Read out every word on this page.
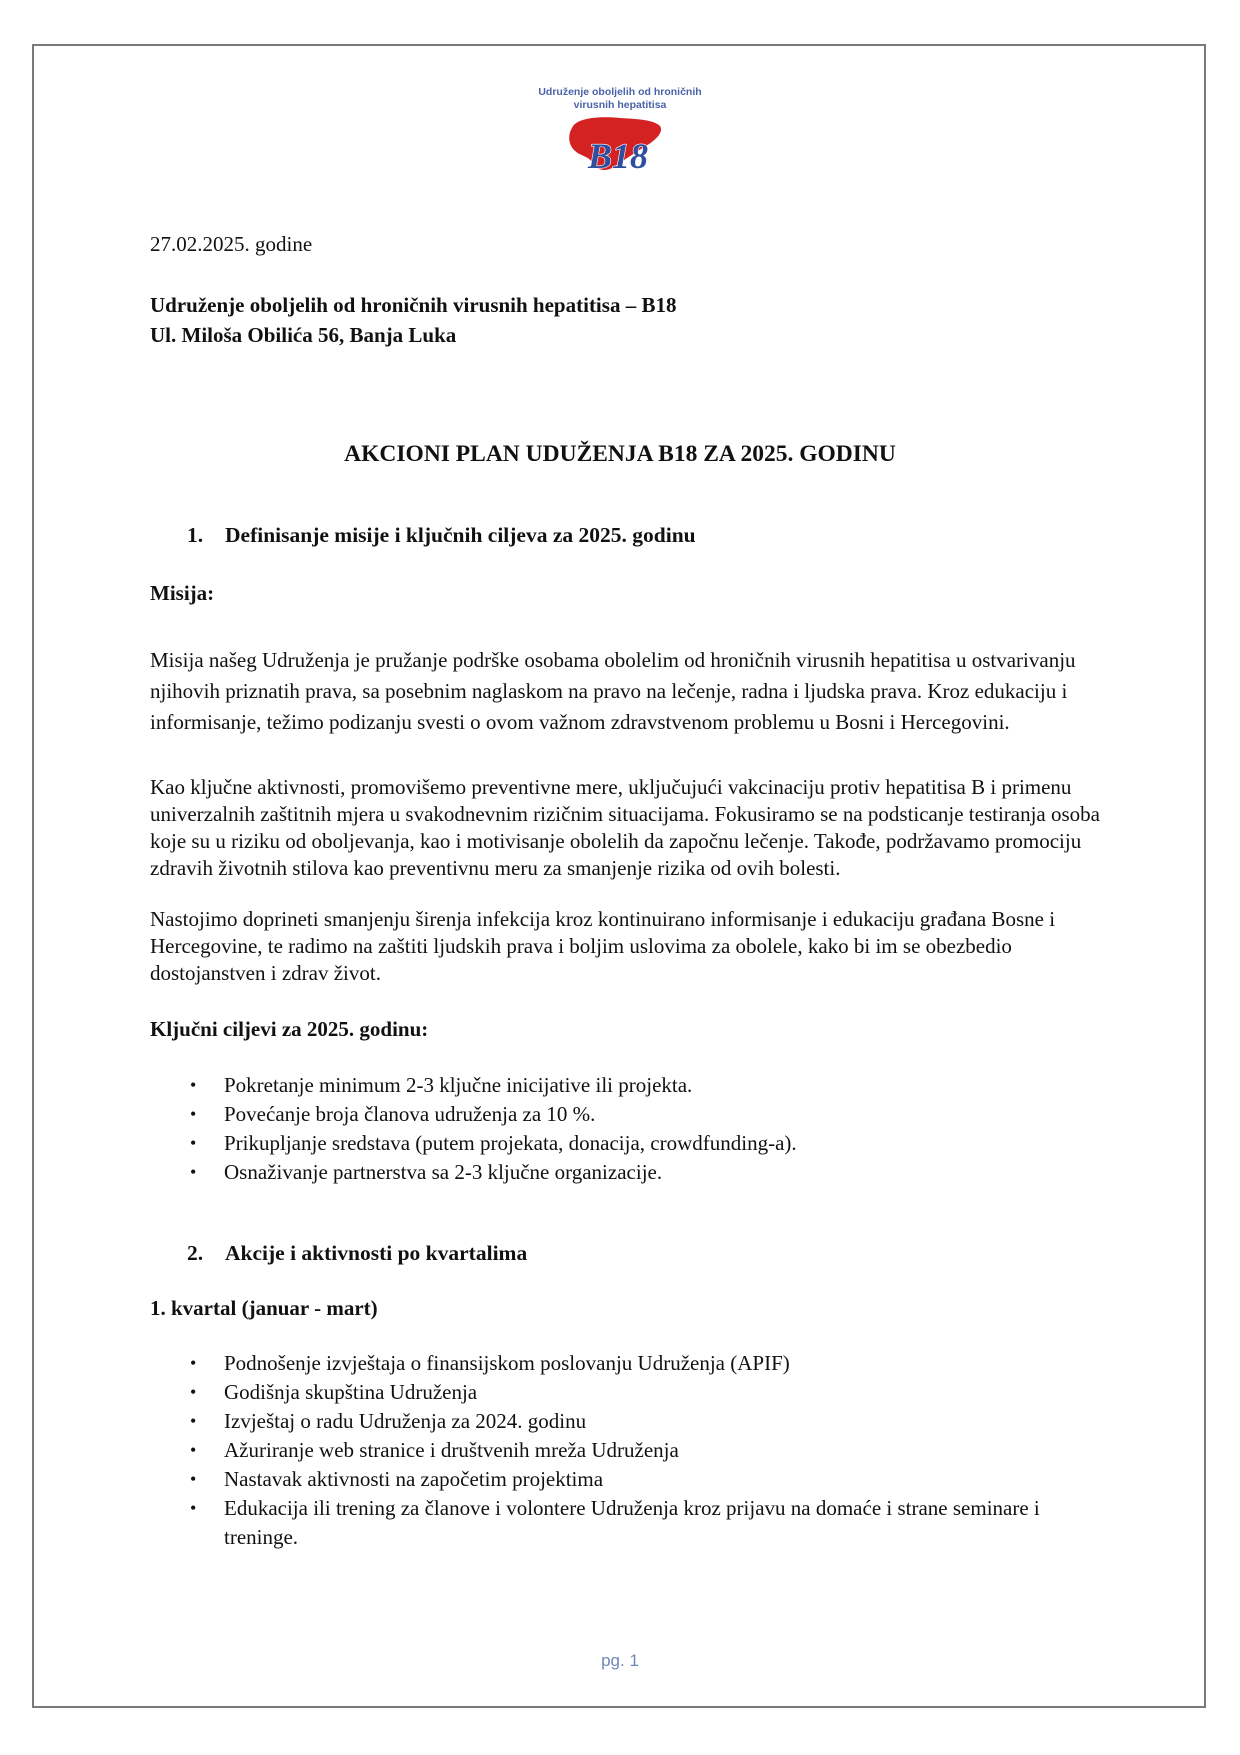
Udruženje oboljelih od hroničnih
virusnih hepatitisa
B18
27.02.2025. godine
Udruženje oboljelih od hroničnih virusnih hepatitisa – B18
Ul. Miloša Obilića 56, Banja Luka
AKCIONI PLAN UDUŽENJA B18 ZA 2025. GODINU
1. Definisanje misije i ključnih ciljeva za 2025. godinu
Misija:

Misija našeg Udruženja je pružanje podrške osobama obolelim od hroničnih virusnih hepatitisa u ostvarivanju njihovih priznatih prava, sa posebnim naglaskom na pravo na lečenje, radna i ljudska prava. Kroz edukaciju i informisanje, težimo podizanju svesti o ovom važnom zdravstvenom problemu u Bosni i Hercegovini.

Kao ključne aktivnosti, promovišemo preventivne mere, uključujući vakcinaciju protiv hepatitisa B i primenu univerzalnih zaštitnih mjera u svakodnevnim rizičnim situacijama. Fokusiramo se na podsticanje testiranja osoba koje su u riziku od oboljevanja, kao i motivisanje obolelih da započnu lečenje. Takođe, podržavamo promociju zdravih životnih stilova kao preventivnu meru za smanjenje rizika od ovih bolesti.

Nastojimo doprineti smanjenju širenja infekcija kroz kontinuirano informisanje i edukaciju građana Bosne i Hercegovine, te radimo na zaštiti ljudskih prava i boljim uslovima za obolele, kako bi im se obezbedio dostojanstven i zdrav život.

Ključni ciljevi za 2025. godinu:
• Pokretanje minimum 2-3 ključne inicijative ili projekta.
• Povećanje broja članova udruženja za 10 %.
• Prikupljanje sredstava (putem projekata, donacija, crowdfunding-a).
• Osnaživanje partnerstva sa 2-3 ključne organizacije.
2. Akcije i aktivnosti po kvartalima
1. kvartal (januar - mart)
• Podnošenje izvještaja o finansijskom poslovanju Udruženja (APIF)
• Godišnja skupština Udruženja
• Izvještaj o radu Udruženja za 2024. godinu
• Ažuriranje web stranice i društvenih mreža Udruženja
• Nastavak aktivnosti na započetim projektima
• Edukacija ili trening za članove i volontere Udruženja kroz prijavu na domaće i strane seminare i treninge.
pg. 1
